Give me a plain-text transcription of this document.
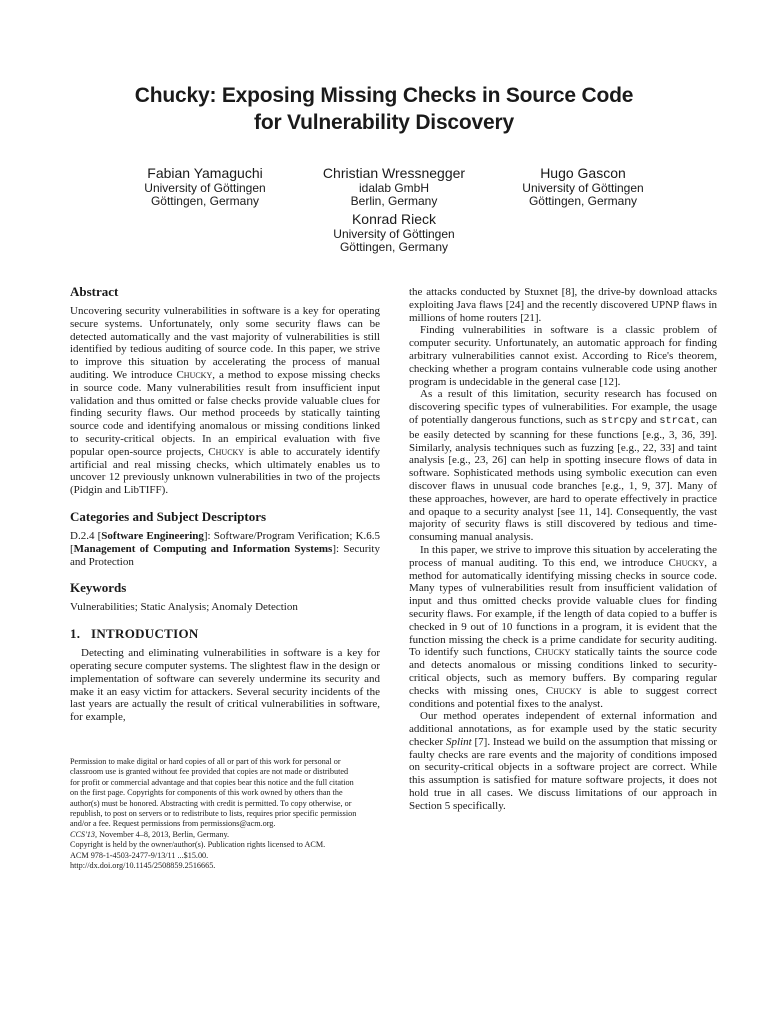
Chucky: Exposing Missing Checks in Source Code
for Vulnerability Discovery
Fabian Yamaguchi
University of Göttingen
Göttingen, Germany
Christian Wressnegger
idalab GmbH
Berlin, Germany
Hugo Gascon
University of Göttingen
Göttingen, Germany
Konrad Rieck
University of Göttingen
Göttingen, Germany
Abstract

Uncovering security vulnerabilities in software is a key for operating secure systems. Unfortunately, only some security flaws can be detected automatically and the vast majority of vulnerabilities is still identified by tedious auditing of source code. In this paper, we strive to improve this situation by accelerating the process of manual auditing. We introduce Chucky, a method to expose missing checks in source code. Many vulnerabilities result from insufficient input validation and thus omitted or false checks provide valuable clues for finding security flaws. Our method proceeds by statically tainting source code and identifying anomalous or missing conditions linked to security-critical objects. In an empirical evaluation with five popular open-source projects, Chucky is able to accurately identify artificial and real missing checks, which ultimately enables us to uncover 12 previously unknown vulnerabilities in two of the projects (Pidgin and LibTIFF).

Categories and Subject Descriptors

D.2.4 [Software Engineering]: Software/Program Verification; K.6.5 [Management of Computing and Information Systems]: Security and Protection

Keywords

Vulnerabilities; Static Analysis; Anomaly Detection

1.   INTRODUCTION

Detecting and eliminating vulnerabilities in software is a key for operating secure computer systems. The slightest flaw in the design or implementation of software can severely undermine its security and make it an easy victim for attackers. Several security incidents of the last years are actually the result of critical vulnerabilities in software, for example,

Permission to make digital or hard copies of all or part of this work for personal or
classroom use is granted without fee provided that copies are not made or distributed
for profit or commercial advantage and that copies bear this notice and the full citation
on the first page. Copyrights for components of this work owned by others than the
author(s) must be honored. Abstracting with credit is permitted. To copy otherwise, or
republish, to post on servers or to redistribute to lists, requires prior specific permission
and/or a fee. Request permissions from permissions@acm.org.
CCS'13, November 4–8, 2013, Berlin, Germany.
Copyright is held by the owner/author(s). Publication rights licensed to ACM.
ACM 978-1-4503-2477-9/13/11 ...$15.00.
http://dx.doi.org/10.1145/2508859.2516665.

the attacks conducted by Stuxnet [8], the drive-by download attacks exploiting Java flaws [24] and the recently discovered UPNP flaws in millions of home routers [21].

Finding vulnerabilities in software is a classic problem of computer security. Unfortunately, an automatic approach for finding arbitrary vulnerabilities cannot exist. According to Rice's theorem, checking whether a program contains vulnerable code using another program is undecidable in the general case [12].

As a result of this limitation, security research has focused on discovering specific types of vulnerabilities. For example, the usage of potentially dangerous functions, such as strcpy and strcat, can be easily detected by scanning for these functions [e.g., 3, 36, 39]. Similarly, analysis techniques such as fuzzing [e.g., 22, 33] and taint analysis [e.g., 23, 26] can help in spotting insecure flows of data in software. Sophisticated methods using symbolic execution can even discover flaws in unusual code branches [e.g., 1, 9, 37]. Many of these approaches, however, are hard to operate effectively in practice and opaque to a security analyst [see 11, 14]. Consequently, the vast majority of security flaws is still discovered by tedious and time-consuming manual analysis.

In this paper, we strive to improve this situation by accelerating the process of manual auditing. To this end, we introduce Chucky, a method for automatically identifying missing checks in source code. Many types of vulnerabilities result from insufficient validation of input and thus omitted checks provide valuable clues for finding security flaws. For example, if the length of data copied to a buffer is checked in 9 out of 10 functions in a program, it is evident that the function missing the check is a prime candidate for security auditing. To identify such functions, Chucky statically taints the source code and detects anomalous or missing conditions linked to security-critical objects, such as memory buffers. By comparing regular checks with missing ones, Chucky is able to suggest correct conditions and potential fixes to the analyst.

Our method operates independent of external information and additional annotations, as for example used by the static security checker Splint [7]. Instead we build on the assumption that missing or faulty checks are rare events and the majority of conditions imposed on security-critical objects in a software project are correct. While this assumption is satisfied for mature software projects, it does not hold true in all cases. We discuss limitations of our approach in Section 5 specifically.
